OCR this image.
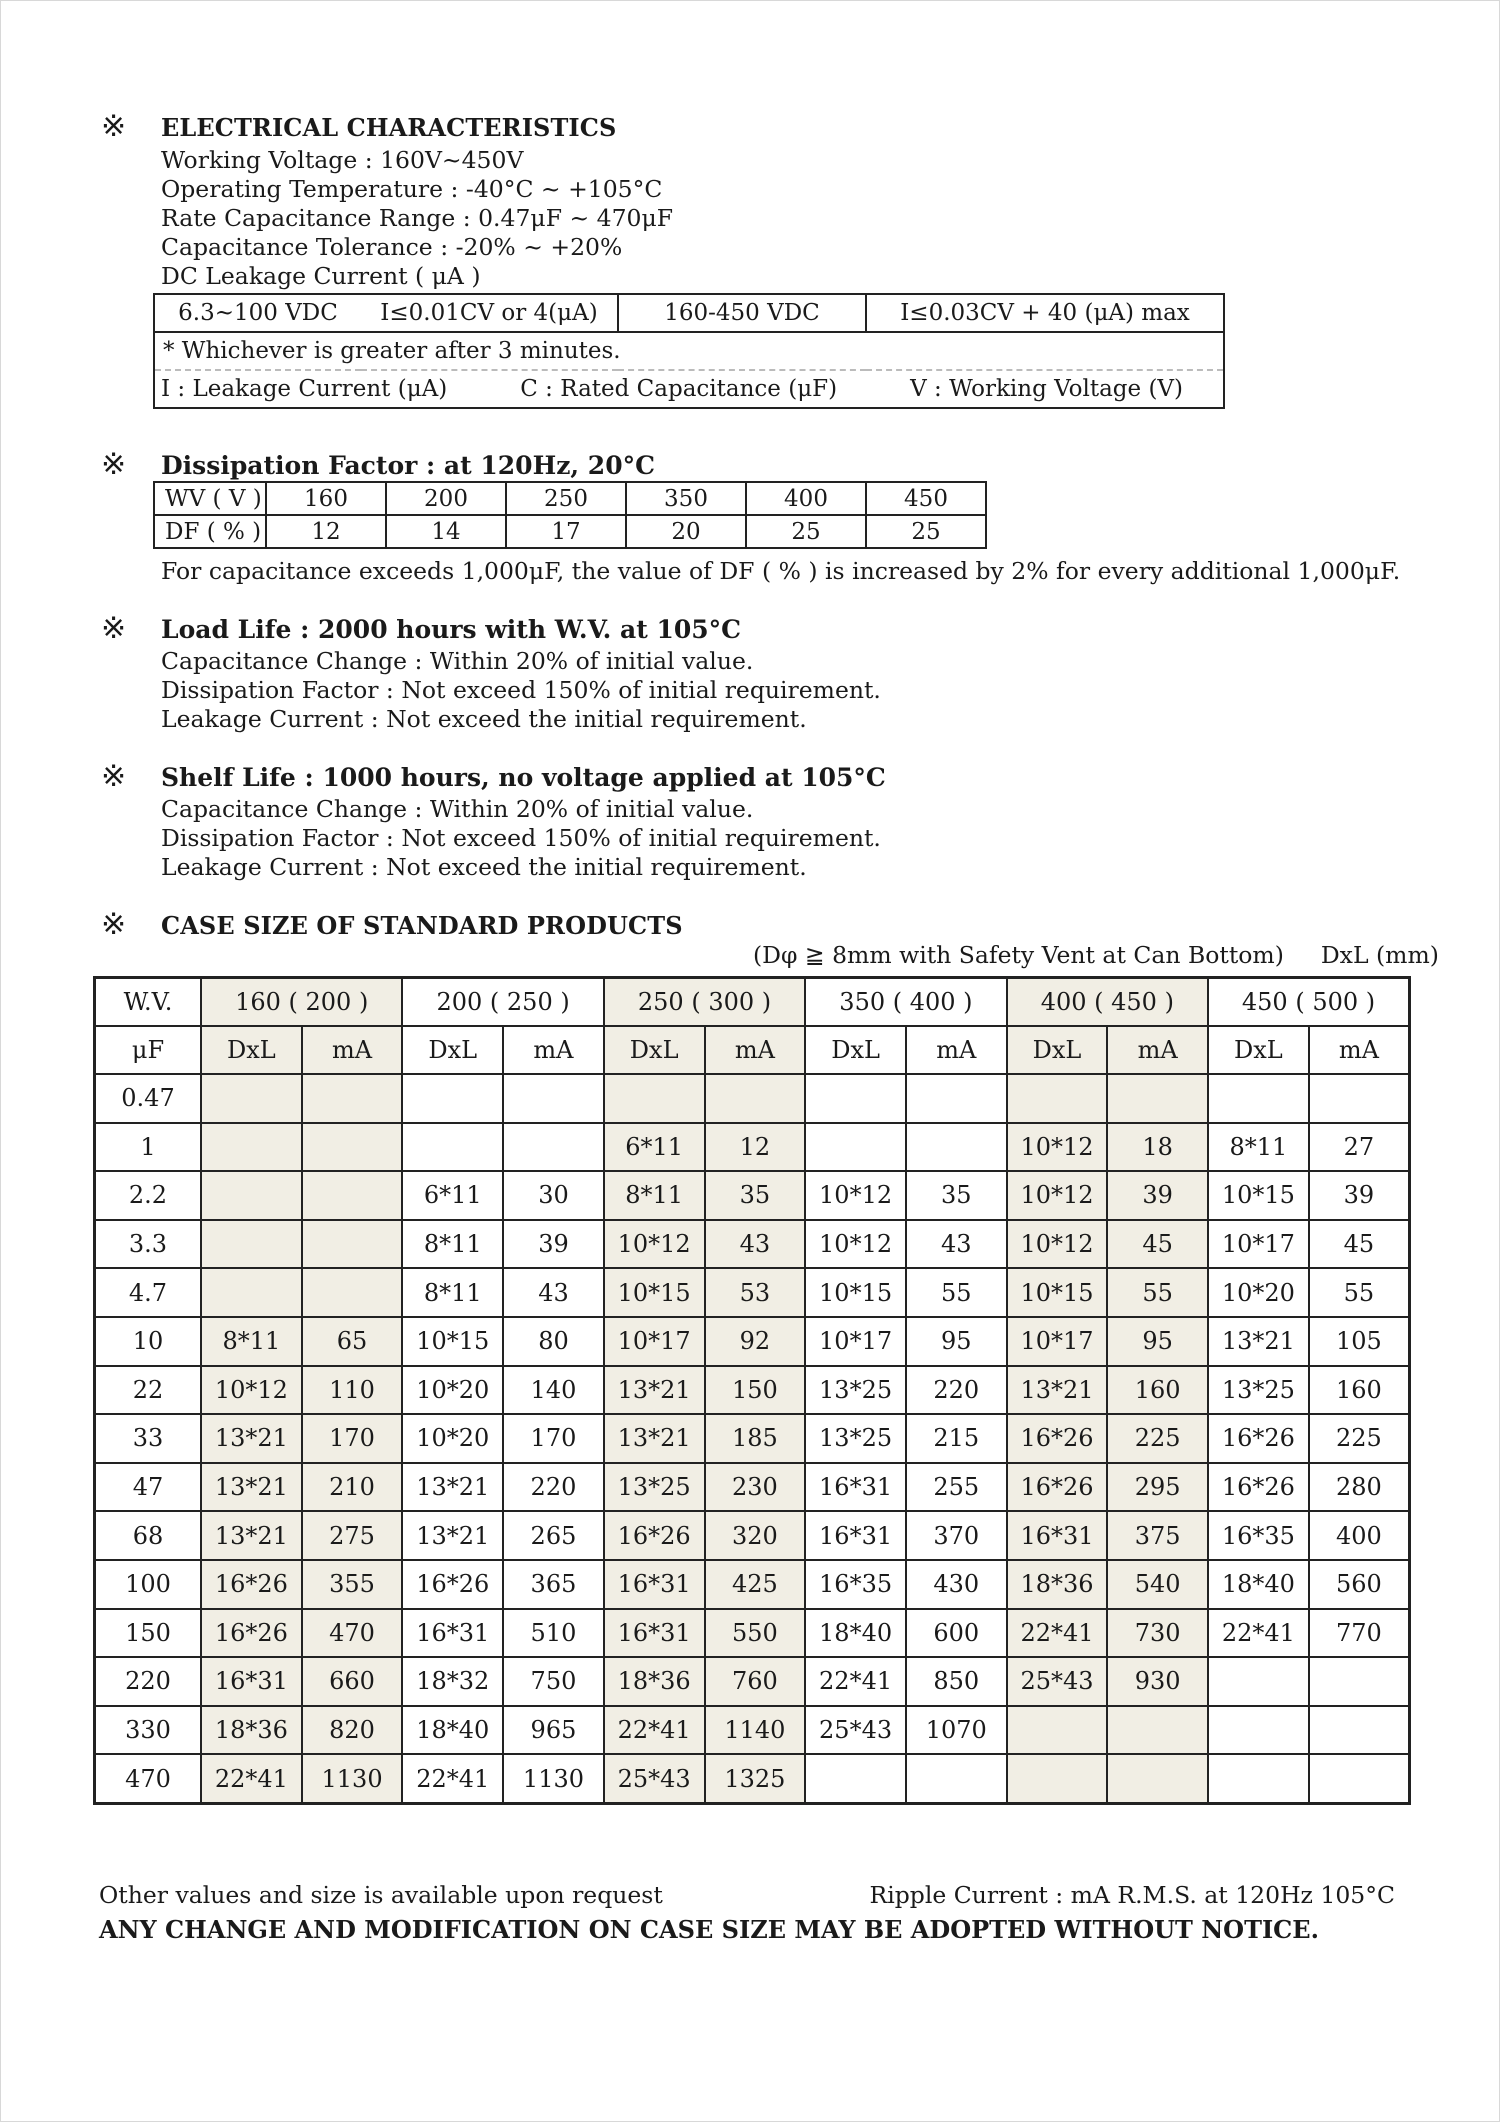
※	ELECTRICAL CHARACTERISTICS
Working Voltage : 160V~450V
Operating Temperature : -40°C ~ +105°C
Rate Capacitance Range : 0.47μF ~ 470μF
Capacitance Tolerance : -20% ~ +20%
DC Leakage Current ( μA )
6.3~100 VDC	I≤0.01CV or 4(μA)	160-450 VDC	I≤0.03CV + 40 (μA) max
* Whichever is greater after 3 minutes.

I : Leakage Current (μA)	C : Rated Capacitance (μF)	V : Working Voltage (V)
※	Dissipation Factor : at 120Hz, 20°C
WV ( V )	160	200	250	350	400	450
DF ( % )	12	14	17	20	25	25
For capacitance exceeds 1,000μF, the value of DF ( % ) is increased by 2% for every additional 1,000μF.
※	Load Life : 2000 hours with W.V. at 105°C
Capacitance Change : Within 20% of initial value.
Dissipation Factor : Not exceed 150% of initial requirement.
Leakage Current : Not exceed the initial requirement.
※	Shelf Life : 1000 hours, no voltage applied at 105°C
Capacitance Change : Within 20% of initial value.
Dissipation Factor : Not exceed 150% of initial requirement.
Leakage Current : Not exceed the initial requirement.
※	CASE SIZE OF STANDARD PRODUCTS
(Dφ ≧ 8mm with Safety Vent at Can Bottom) DxL (mm)
W.V.	160 ( 200 )		200 ( 250 )		250 ( 300 )		350 ( 400 )		400 ( 450 )		450 ( 500 )	
μF	DxL	mA	DxL	mA	DxL	mA	DxL	mA	DxL	mA	DxL	mA
0.47												
1					6*11	12			10*12	18	8*11	27
2.2			6*11	30	8*11	35	10*12	35	10*12	39	10*15	39
3.3			8*11	39	10*12	43	10*12	43	10*12	45	10*17	45
4.7			8*11	43	10*15	53	10*15	55	10*15	55	10*20	55
10	8*11	65	10*15	80	10*17	92	10*17	95	10*17	95	13*21	105
22	10*12	110	10*20	140	13*21	150	13*25	220	13*21	160	13*25	160
33	13*21	170	10*20	170	13*21	185	13*25	215	16*26	225	16*26	225
47	13*21	210	13*21	220	13*25	230	16*31	255	16*26	295	16*26	280
68	13*21	275	13*21	265	16*26	320	16*31	370	16*31	375	16*35	400
100	16*26	355	16*26	365	16*31	425	16*35	430	18*36	540	18*40	560
150	16*26	470	16*31	510	16*31	550	18*40	600	22*41	730	22*41	770
220	16*31	660	18*32	750	18*36	760	22*41	850	25*43	930		
330	18*36	820	18*40	965	22*41	1140	25*43	1070				
470	22*41	1130	22*41	1130	25*43	1325						
Other values and size is available upon request	Ripple Current : mA R.M.S. at 120Hz 105°C
ANY CHANGE AND MODIFICATION ON CASE SIZE MAY BE ADOPTED WITHOUT NOTICE.
